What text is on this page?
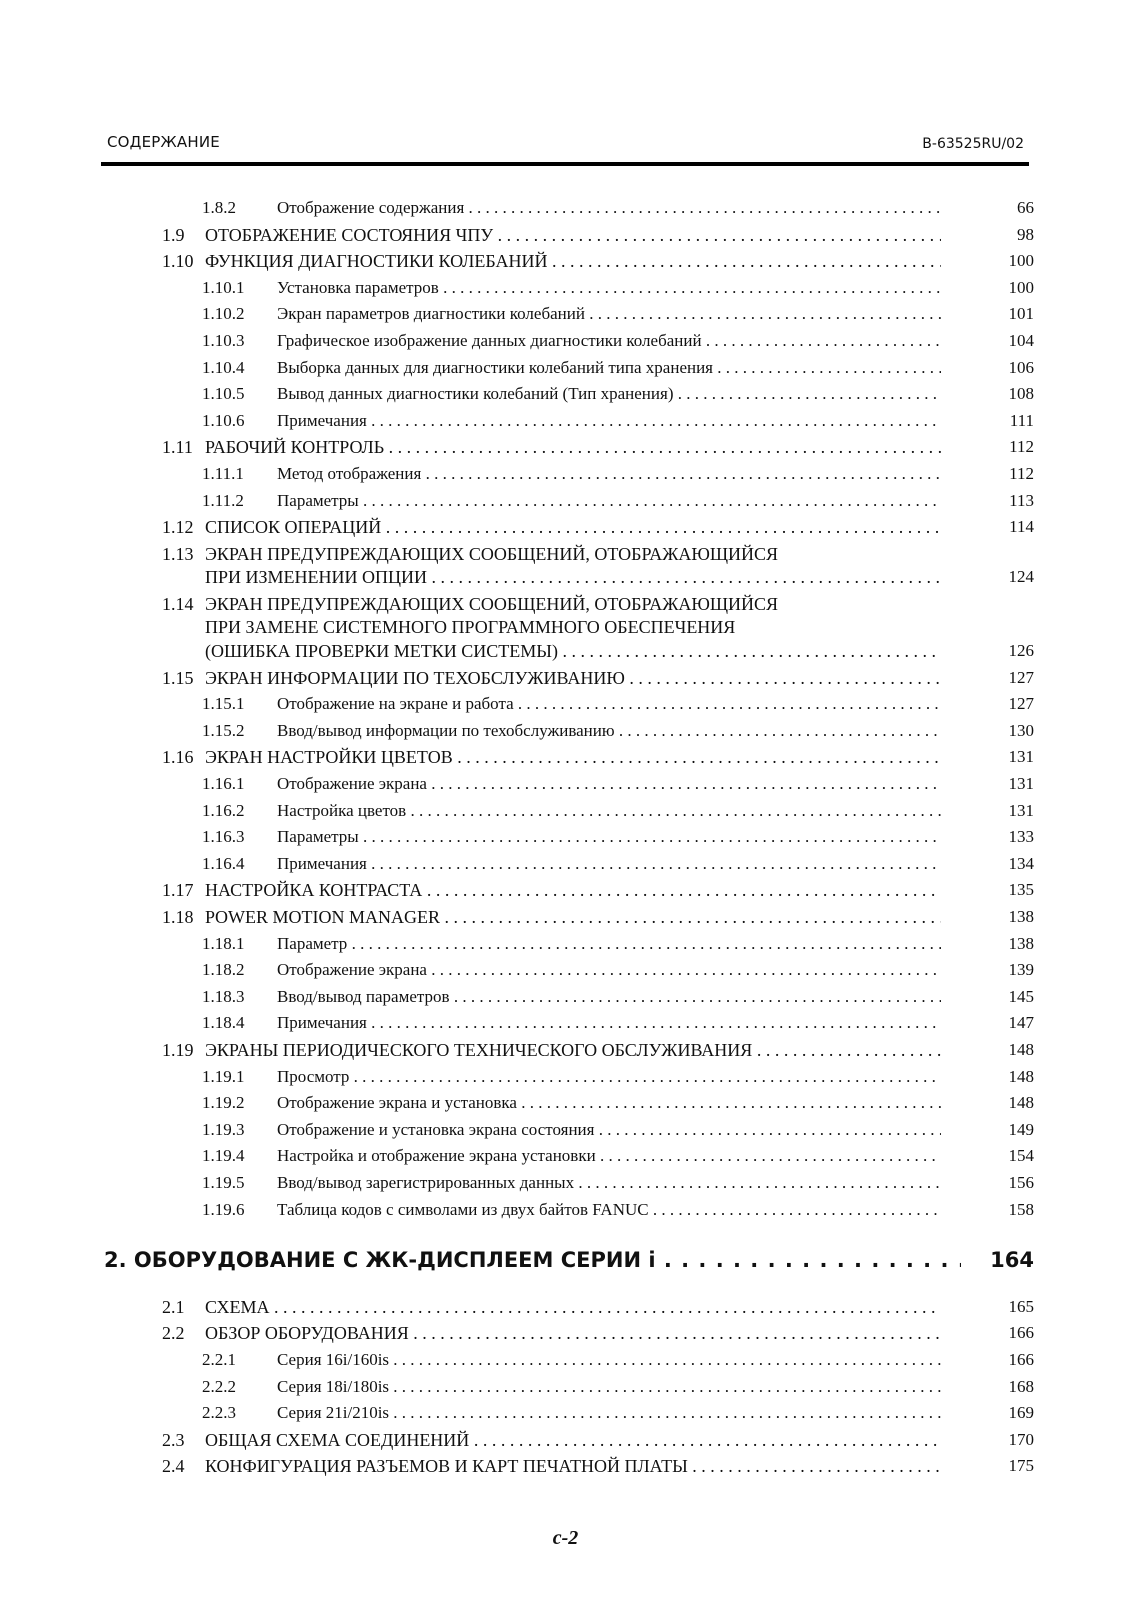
СОДЕРЖАНИЕ	B-63525RU/02
1.8.2 Отображение содержания . . .	66
1.9 ОТОБРАЖЕНИЕ СОСТОЯНИЯ ЧПУ . . .	98
1.10 ФУНКЦИЯ ДИАГНОСТИКИ КОЛЕБАНИЙ . . .	100
1.10.1 Установка параметров . . .	100
1.10.2 Экран параметров диагностики колебаний . . .	101
1.10.3 Графическое изображение данных диагностики колебаний . . .	104
1.10.4 Выборка данных для диагностики колебаний типа хранения . . .	106
1.10.5 Вывод данных диагностики колебаний (Тип хранения) . . .	108
1.10.6 Примечания . . .	111
1.11 РАБОЧИЙ КОНТРОЛЬ . . .	112
1.11.1 Метод отображения . . .	112
1.11.2 Параметры . . .	113
1.12 СПИСОК ОПЕРАЦИЙ . . .	114
1.13 ЭКРАН ПРЕДУПРЕЖДАЮЩИХ СООБЩЕНИЙ, ОТОБРАЖАЮЩИЙСЯ
ПРИ ИЗМЕНЕНИИ ОПЦИИ . . .	124
1.14 ЭКРАН ПРЕДУПРЕЖДАЮЩИХ СООБЩЕНИЙ, ОТОБРАЖАЮЩИЙСЯ
ПРИ ЗАМЕНЕ СИСТЕМНОГО ПРОГРАММНОГО ОБЕСПЕЧЕНИЯ
(ОШИБКА ПРОВЕРКИ МЕТКИ СИСТЕМЫ) . . .	126
1.15 ЭКРАН ИНФОРМАЦИИ ПО ТЕХОБСЛУЖИВАНИЮ . . .	127
1.15.1 Отображение на экране и работа . . .	127
1.15.2 Ввод/вывод информации по техобслуживанию . . .	130
1.16 ЭКРАН НАСТРОЙКИ ЦВЕТОВ . . .	131
1.16.1 Отображение экрана . . .	131
1.16.2 Настройка цветов . . .	131
1.16.3 Параметры . . .	133
1.16.4 Примечания . . .	134
1.17 НАСТРОЙКА КОНТРАСТА . . .	135
1.18 POWER MOTION MANAGER . . .	138
1.18.1 Параметр . . .	138
1.18.2 Отображение экрана . . .	139
1.18.3 Ввод/вывод параметров . . .	145
1.18.4 Примечания . . .	147
1.19 ЭКРАНЫ ПЕРИОДИЧЕСКОГО ТЕХНИЧЕСКОГО ОБСЛУЖИВАНИЯ . . .	148
1.19.1 Просмотр . . .	148
1.19.2 Отображение экрана и установка . . .	148
1.19.3 Отображение и установка экрана состояния . . .	149
1.19.4 Настройка и отображение экрана установки . . .	154
1.19.5 Ввод/вывод зарегистрированных данных . . .	156
1.19.6 Таблица кодов с символами из двух байтов FANUC . . .	158
2. ОБОРУДОВАНИЕ С ЖК-ДИСПЛЕЕМ СЕРИИ i . . .	164
2.1 СХЕМА . . .	165
2.2 ОБЗОР ОБОРУДОВАНИЯ . . .	166
2.2.1 Серия 16i/160is . . .	166
2.2.2 Серия 18i/180is . . .	168
2.2.3 Серия 21i/210is . . .	169
2.3 ОБЩАЯ СХЕМА СОЕДИНЕНИЙ . . .	170
2.4 КОНФИГУРАЦИЯ РАЗЪЕМОВ И КАРТ ПЕЧАТНОЙ ПЛАТЫ . . .	175
c-2
